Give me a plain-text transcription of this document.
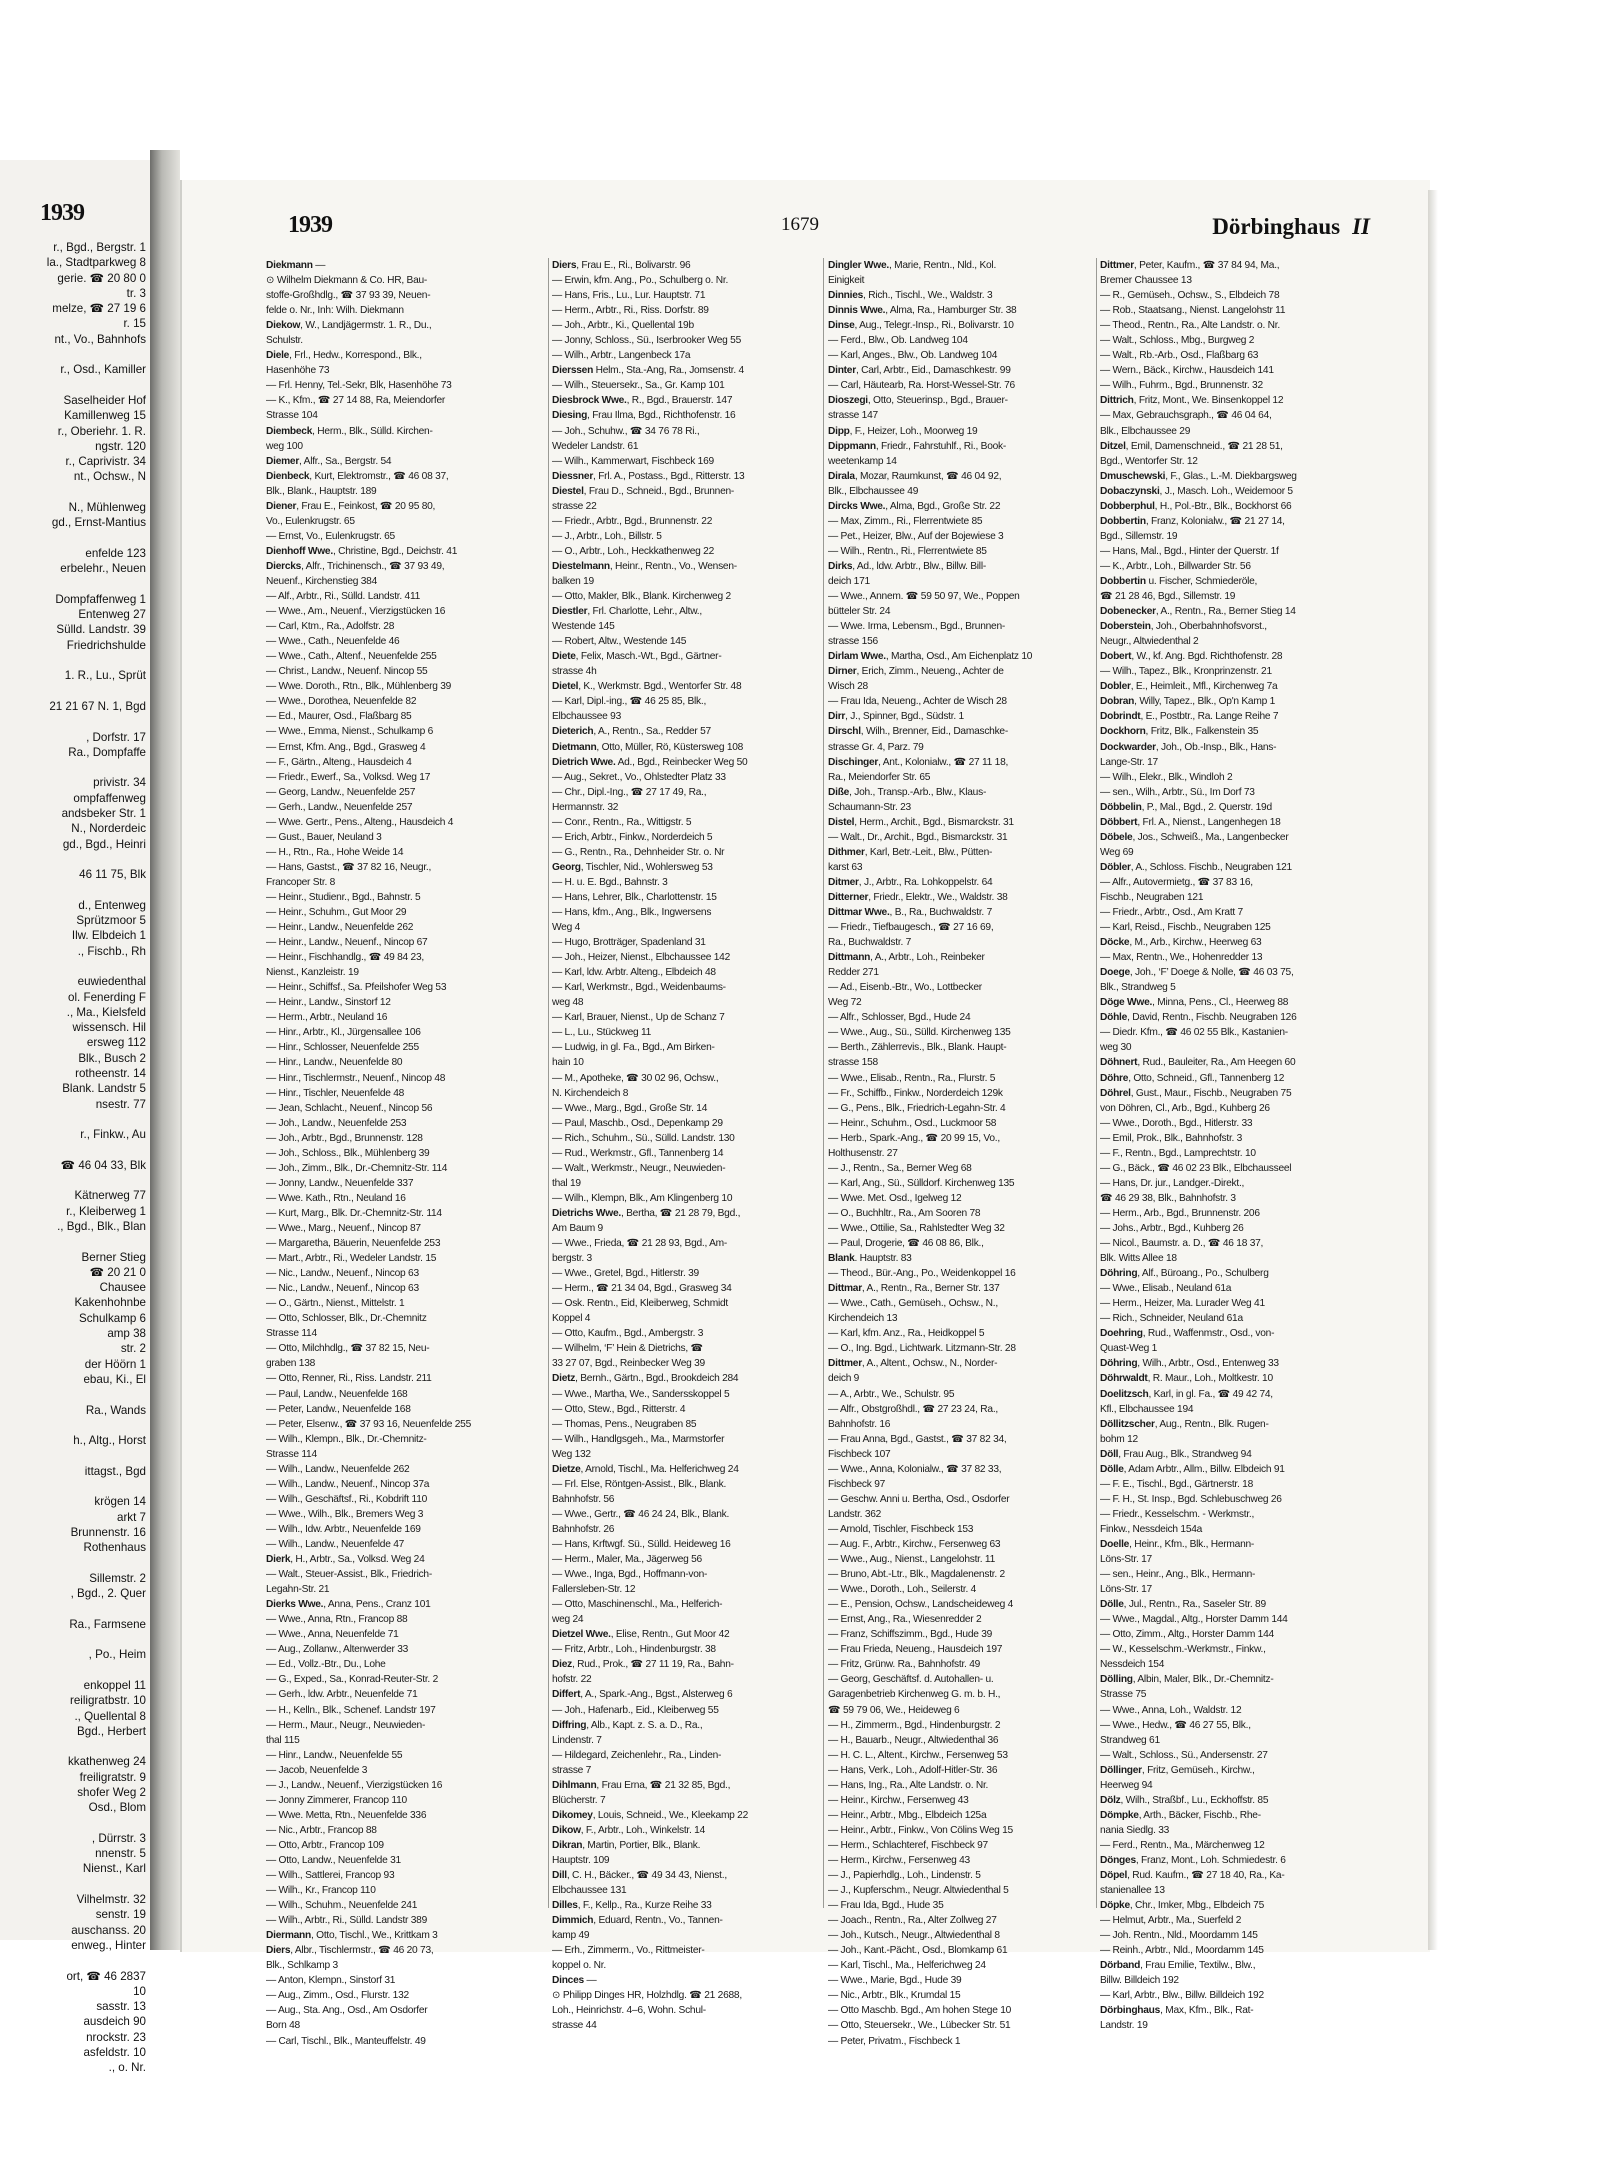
1939
r., Bgd., Bergstr. 1
la., Stadtparkweg 8
gerie. ☎ 20 80 0
tr. 3
melze, ☎ 27 19 6
r. 15
nt., Vo., Bahnhofs
r., Osd., Kamiller
Saselheider Hof
Kamillenweg 15
r., Oberiehr. 1. R.
ngstr. 120
r., Caprivistr. 34
nt., Ochsw., N
N., Mühlenweg
gd., Ernst-Mantius
enfelde 123
erbelehr., Neuen
Dompfaffenweg 1
Entenweg 27
Sülld. Landstr. 39
Friedrichshulde
1. R., Lu., Sprüt
21 21 67 N. 1, Bgd
, Dorfstr. 17
Ra., Dompfaffe
privistr. 34
ompfaffenweg
andsbeker Str. 1
N., Norderdeic
gd., Bgd., Heinri
46 11 75, Blk
d., Entenweg
Sprützmoor 5
Ilw. Elbdeich 1
., Fischb., Rh
euwiedenthal
ol. Fenerding F
., Ma., Kielsfeld
wissensch. Hil
ersweg 112
Blk., Busch 2
rotheenstr. 14
Blank. Landstr 5
nsestr. 77
r., Finkw., Au
☎ 46 04 33, Blk
Kätnerweg 77
r., Kleiberweg 1
., Bgd., Blk., Blan
Berner Stieg
☎ 20 21 0
Chausee
Kakenhohnbe
Schulkamp 6
amp 38
str. 2
der Höörn 1
ebau, Ki., El
Ra., Wands
h., Altg., Horst
ittagst., Bgd
krögen 14
arkt 7
Brunnenstr. 16
Rothenhaus
Sillemstr. 2
, Bgd., 2. Quer
Ra., Farmsene
, Po., Heim
enkoppel 11
reiligratbstr. 10
., Quellental 8
Bgd., Herbert
kkathenweg 24
freiligratstr. 9
shofer Weg 2
Osd., Blom
, Dürrstr. 3
nnenstr. 5
Nienst., Karl
Vilhelmstr. 32
senstr. 19
auschanss. 20
enweg., Hinter
ort, ☎ 46 2837
10
sasstr. 13
ausdeich 90
nrockstr. 23
asfeldstr. 10
., o. Nr.
1939	1679	Dörbinghaus II
Diekmann —
⊙ Wilhelm Diekmann & Co. HR, Bau-
stoffe-Großhdlg., ☎ 37 93 39, Neuen-
felde o. Nr., Inh: Wilh. Diekmann
Diekow, W., Landjägermstr. 1. R., Du.,
Schulstr.
Diele, Frl., Hedw., Korrespond., Blk.,
Hasenhöhe 73
— Frl. Henny, Tel.-Sekr, Blk, Hasenhöhe 73
— K., Kfm., ☎ 27 14 88, Ra, Meiendorfer
Strasse 104
Diembeck, Herm., Blk., Sülld. Kirchen-
weg 100
Diemer, Alfr., Sa., Bergstr. 54
Dienbeck, Kurt, Elektromstr., ☎ 46 08 37,
Blk., Blank., Hauptstr. 189
Diener, Frau E., Feinkost, ☎ 20 95 80,
Vo., Eulenkrugstr. 65
— Ernst, Vo., Eulenkrugstr. 65
Dienhoff Wwe., Christine, Bgd., Deichstr. 41
Diercks, Alfr., Trichinensch., ☎ 37 93 49,
Neuenf., Kirchenstieg 384
— Alf., Arbtr., Ri., Sülld. Landstr. 411
— Wwe., Am., Neuenf., Vierzigstücken 16
— Carl, Ktm., Ra., Adolfstr. 28
— Wwe., Cath., Neuenfelde 46
— Wwe., Cath., Altenf., Neuenfelde 255
— Christ., Landw., Neuenf. Nincop 55
— Wwe. Doroth., Rtn., Blk., Mühlenberg 39
— Wwe., Dorothea, Neuenfelde 82
— Ed., Maurer, Osd., Flaßbarg 85
— Wwe., Emma, Nienst., Schulkamp 6
— Ernst, Kfm. Ang., Bgd., Grasweg 4
— F., Gärtn., Alteng., Hausdeich 4
— Friedr., Ewerf., Sa., Volksd. Weg 17
— Georg, Landw., Neuenfelde 257
— Gerh., Landw., Neuenfelde 257
— Wwe. Gertr., Pens., Alteng., Hausdeich 4
— Gust., Bauer, Neuland 3
— H., Rtn., Ra., Hohe Weide 14
— Hans, Gastst., ☎ 37 82 16, Neugr.,
Francoper Str. 8
— Heinr., Studienr., Bgd., Bahnstr. 5
— Heinr., Schuhm., Gut Moor 29
— Heinr., Landw., Neuenfelde 262
— Heinr., Landw., Neuenf., Nincop 67
— Heinr., Fischhandlg., ☎ 49 84 23,
Nienst., Kanzleistr. 19
— Heinr., Schiffsf., Sa. Pfeilshofer Weg 53
— Heinr., Landw., Sinstorf 12
— Herm., Arbtr., Neuland 16
— Hinr., Arbtr., Kl., Jürgensallee 106
— Hinr., Schlosser, Neuenfelde 255
— Hinr., Landw., Neuenfelde 80
— Hinr., Tischlermstr., Neuenf., Nincop 48
— Hinr., Tischler, Neuenfelde 48
— Jean, Schlacht., Neuenf., Nincop 56
— Joh., Landw., Neuenfelde 253
— Joh., Arbtr., Bgd., Brunnenstr. 128
— Joh., Schloss., Blk., Mühlenberg 39
— Joh., Zimm., Blk., Dr.-Chemnitz-Str. 114
— Jonny, Landw., Neuenfelde 337
— Wwe. Kath., Rtn., Neuland 16
— Kurt, Marg., Blk. Dr.-Chemnitz-Str. 114
— Wwe., Marg., Neuenf., Nincop 87
— Margaretha, Bäuerin, Neuenfelde 253
— Mart., Arbtr., Ri., Wedeler Landstr. 15
— Nic., Landw., Neuenf., Nincop 63
— Nic., Landw., Neuenf., Nincop 63
— O., Gärtn., Nienst., Mittelstr. 1
— Otto, Schlosser, Blk., Dr.-Chemnitz
Strasse 114
— Otto, Milchhdlg., ☎ 37 82 15, Neu-
graben 138
— Otto, Renner, Ri., Riss. Landstr. 211
— Paul, Landw., Neuenfelde 168
— Peter, Landw., Neuenfelde 168
— Peter, Elsenw., ☎ 37 93 16, Neuenfelde 255
— Wilh., Klempn., Blk., Dr.-Chemnitz-
Strasse 114
— Wilh., Landw., Neuenfelde 262
— Wilh., Landw., Neuenf., Nincop 37a
— Wilh., Geschäftsf., Ri., Kobdrift 110
— Wwe., Wilh., Blk., Bremers Weg 3
— Wilh., Idw. Arbtr., Neuenfelde 169
— Wilh., Landw., Neuenfelde 47
Dierk, H., Arbtr., Sa., Volksd. Weg 24
— Walt., Steuer-Assist., Blk., Friedrich-
Legahn-Str. 21
Dierks Wwe., Anna, Pens., Cranz 101
— Wwe., Anna, Rtn., Francop 88
— Wwe., Anna, Neuenfelde 71
— Aug., Zollanw., Altenwerder 33
— Ed., Vollz.-Btr., Du., Lohe
— G., Exped., Sa., Konrad-Reuter-Str. 2
— Gerh., ldw. Arbtr., Neuenfelde 71
— H., Kelln., Blk., Schenef. Landstr 197
— Herm., Maur., Neugr., Neuwieden-
thal 115
— Hinr., Landw., Neuenfelde 55
— Jacob, Neuenfelde 3
— J., Landw., Neuenf., Vierzigstücken 16
— Jonny Zimmerer, Francop 110
— Wwe. Metta, Rtn., Neuenfelde 336
— Nic., Arbtr., Francop 88
— Otto, Arbtr., Francop 109
— Otto, Landw., Neuenfelde 31
— Wilh., Sattlerei, Francop 93
— Wilh., Kr., Francop 110
— Wilh., Schuhm., Neuenfelde 241
— Wilh., Arbtr., Ri., Sülld. Landstr 389
Diermann, Otto, Tischl., We., Krittkam 3
Diers, Albr., Tischlermstr., ☎ 46 20 73,
Blk., Schlkamp 3
— Anton, Klempn., Sinstorf 31
— Aug., Zimm., Osd., Flurstr. 132
— Aug., Sta. Ang., Osd., Am Osdorfer
Born 48
— Carl, Tischl., Blk., Manteuffelstr. 49
Diers, Frau E., Ri., Bolivarstr. 96
— Erwin, kfm. Ang., Po., Schulberg o. Nr.
— Hans, Fris., Lu., Lur. Hauptstr. 71
— Herm., Arbtr., Ri., Riss. Dorfstr. 89
— Joh., Arbtr., Ki., Quellental 19b
— Jonny, Schloss., Sü., Iserbrooker Weg 55
— Wilh., Arbtr., Langenbeck 17a
Dierssen Helm., Sta.-Ang, Ra., Jomsenstr. 4
— Wilh., Steuersekr., Sa., Gr. Kamp 101
Diesbrock Wwe., R., Bgd., Brauerstr. 147
Diesing, Frau Ilma, Bgd., Richthofenstr. 16
— Joh., Schuhw., ☎ 34 76 78 Ri.,
Wedeler Landstr. 61
— Wilh., Kammerwart, Fischbeck 169
Diessner, Frl. A., Postass., Bgd., Ritterstr. 13
Diestel, Frau D., Schneid., Bgd., Brunnen-
strasse 22
— Friedr., Arbtr., Bgd., Brunnenstr. 22
— J., Arbtr., Loh., Billstr. 5
— O., Arbtr., Loh., Heckkathenweg 22
Diestelmann, Heinr., Rentn., Vo., Wensen-
balken 19
— Otto, Makler, Blk., Blank. Kirchenweg 2
Diestler, Frl. Charlotte, Lehr., Altw.,
Westende 145
— Robert, Altw., Westende 145
Diete, Felix, Masch.-Wt., Bgd., Gärtner-
strasse 4h
Dietel, K., Werkmstr. Bgd., Wentorfer Str. 48
— Karl, Dipl.-ing., ☎ 46 25 85, Blk.,
Elbchaussee 93
Dieterich, A., Rentn., Sa., Redder 57
Dietmann, Otto, Müller, Rö, Küstersweg 108
Dietrich Wwe. Ad., Bgd., Reinbecker Weg 50
— Aug., Sekret., Vo., Ohlstedter Platz 33
— Chr., Dipl.-Ing., ☎ 27 17 49, Ra.,
Hermannstr. 32
— Conr., Rentn., Ra., Wittigstr. 5
— Erich, Arbtr., Finkw., Norderdeich 5
— G., Rentn., Ra., Dehnheider Str. o. Nr
Georg, Tischler, Nid., Wohlersweg 53
— H. u. E. Bgd., Bahnstr. 3
— Hans, Lehrer, Blk., Charlottenstr. 15
— Hans, kfm., Ang., Blk., Ingwersens
Weg 4
— Hugo, Brotträger, Spadenland 31
— Joh., Heizer, Nienst., Elbchaussee 142
— Karl, ldw. Arbtr. Alteng., Elbdeich 48
— Karl, Werkmstr., Bgd., Weidenbaums-
weg 48
— Karl, Brauer, Nienst., Up de Schanz 7
— L., Lu., Stückweg 11
— Ludwig, in gl. Fa., Bgd., Am Birken-
hain 10
— M., Apotheke, ☎ 30 02 96, Ochsw.,
N. Kirchendeich 8
— Wwe., Marg., Bgd., Große Str. 14
— Paul, Maschb., Osd., Depenkamp 29
— Rich., Schuhm., Sü., Sülld. Landstr. 130
— Rud., Werkmstr., Gfl., Tannenberg 14
— Walt., Werkmstr., Neugr., Neuwieden-
thal 19
— Wilh., Klempn, Blk., Am Klingenberg 10
Dietrichs Wwe., Bertha, ☎ 21 28 79, Bgd.,
Am Baum 9
— Wwe., Frieda, ☎ 21 28 93, Bgd., Am-
bergstr. 3
— Wwe., Gretel, Bgd., Hitlerstr. 39
— Herm., ☎ 21 34 04, Bgd., Grasweg 34
— Osk. Rentn., Eid, Kleiberweg, Schmidt
Koppel 4
— Otto, Kaufm., Bgd., Ambergstr. 3
— Wilhelm, ‘F’ Hein & Dietrichs, ☎
33 27 07, Bgd., Reinbecker Weg 39
Dietz, Bernh., Gärtn., Bgd., Brookdeich 284
— Wwe., Martha, We., Sandersskoppel 5
— Otto, Stew., Bgd., Ritterstr. 4
— Thomas, Pens., Neugraben 85
— Wilh., Handlgsgeh., Ma., Marmstorfer
Weg 132
Dietze, Arnold, Tischl., Ma. Helferichweg 24
— Frl. Else, Röntgen-Assist., Blk., Blank.
Bahnhofstr. 56
— Wwe., Gertr., ☎ 46 24 24, Blk., Blank.
Bahnhofstr. 26
— Hans, Krftwgf. Sü., Sülld. Heideweg 16
— Herm., Maler, Ma., Jägerweg 56
— Wwe., Inga, Bgd., Hoffmann-von-
Fallersleben-Str. 12
— Otto, Maschinenschl., Ma., Helferich-
weg 24
Dietzel Wwe., Elise, Rentn., Gut Moor 42
— Fritz, Arbtr., Loh., Hindenburgstr. 38
Diez, Rud., Prok., ☎ 27 11 19, Ra., Bahn-
hofstr. 22
Differt, A., Spark.-Ang., Bgst., Alsterweg 6
— Joh., Hafenarb., Eid., Kleiberweg 55
Diffring, Alb., Kapt. z. S. a. D., Ra.,
Lindenstr. 7
— Hildegard, Zeichenlehr., Ra., Linden-
strasse 7
Dihlmann, Frau Erna, ☎ 21 32 85, Bgd.,
Blücherstr. 7
Dikomey, Louis, Schneid., We., Kleekamp 22
Dikow, F., Arbtr., Loh., Winkelstr. 14
Dikran, Martin, Portier, Blk., Blank.
Hauptstr. 109
Dill, C. H., Bäcker., ☎ 49 34 43, Nienst.,
Elbchaussee 131
Dilles, F., Kellp., Ra., Kurze Reihe 33
Dimmich, Eduard, Rentn., Vo., Tannen-
kamp 49
— Erh., Zimmerm., Vo., Rittmeister-
koppel o. Nr.
Dinces —
⊙ Philipp Dinges HR, Holzhdlg. ☎ 21 2688,
Loh., Heinrichstr. 4–6, Wohn. Schul-
strasse 44
Dingler Wwe., Marie, Rentn., Nld., Kol.
Einigkeit
Dinnies, Rich., Tischl., We., Waldstr. 3
Dinnis Wwe., Alma, Ra., Hamburger Str. 38
Dinse, Aug., Telegr.-Insp., Ri., Bolivarstr. 10
— Ferd., Blw., Ob. Landweg 104
— Karl, Anges., Blw., Ob. Landweg 104
Dinter, Carl, Arbtr., Eid., Damaschkestr. 99
— Carl, Häutearb, Ra. Horst-Wessel-Str. 76
Dioszegi, Otto, Steuerinsp., Bgd., Brauer-
strasse 147
Dipp, F., Heizer, Loh., Moorweg 19
Dippmann, Friedr., Fahrstuhlf., Ri., Book-
weetenkamp 14
Dirala, Mozar, Raumkunst, ☎ 46 04 92,
Blk., Elbchaussee 49
Dircks Wwe., Alma, Bgd., Große Str. 22
— Max, Zimm., Ri., Flerrentwiete 85
— Pet., Heizer, Blw., Auf der Bojewiese 3
— Wilh., Rentn., Ri., Flerrentwiete 85
Dirks, Ad., ldw. Arbtr., Blw., Billw. Bill-
deich 171
— Wwe., Annem. ☎ 59 50 97, We., Poppen
bütteler Str. 24
— Wwe. Irma, Lebensm., Bgd., Brunnen-
strasse 156
Dirlam Wwe., Martha, Osd., Am Eichenplatz 10
Dirner, Erich, Zimm., Neueng., Achter de
Wisch 28
— Frau Ida, Neueng., Achter de Wisch 28
Dirr, J., Spinner, Bgd., Südstr. 1
Dirschl, Wilh., Brenner, Eid., Damaschke-
strasse Gr. 4, Parz. 79
Dischinger, Ant., Kolonialw., ☎ 27 11 18,
Ra., Meiendorfer Str. 65
Diße, Joh., Transp.-Arb., Blw., Klaus-
Schaumann-Str. 23
Distel, Herm., Archit., Bgd., Bismarckstr. 31
— Walt., Dr., Archit., Bgd., Bismarckstr. 31
Dithmer, Karl, Betr.-Leit., Blw., Pütten-
karst 63
Ditmer, J., Arbtr., Ra. Lohkoppelstr. 64
Ditterner, Friedr., Elektr., We., Waldstr. 38
Dittmar Wwe., B., Ra., Buchwaldstr. 7
— Friedr., Tiefbaugesch., ☎ 27 16 69,
Ra., Buchwaldstr. 7
Dittmann, A., Arbtr., Loh., Reinbeker
Redder 271
— Ad., Eisenb.-Btr., Wo., Lottbecker
Weg 72
— Alfr., Schlosser, Bgd., Hude 24
— Wwe., Aug., Sü., Sülld. Kirchenweg 135
— Berth., Zählerrevis., Blk., Blank. Haupt-
strasse 158
— Wwe., Elisab., Rentn., Ra., Flurstr. 5
— Fr., Schiffb., Finkw., Norderdeich 129k
— G., Pens., Blk., Friedrich-Legahn-Str. 4
— Heinr., Schuhm., Osd., Luckmoor 58
— Herb., Spark.-Ang., ☎ 20 99 15, Vo.,
Holthusenstr. 27
— J., Rentn., Sa., Berner Weg 68
— Karl, Ang., Sü., Sülldorf. Kirchenweg 135
— Wwe. Met. Osd., Igelweg 12
— O., Buchhltr., Ra., Am Sooren 78
— Wwe., Ottilie, Sa., Rahlstedter Weg 32
— Paul, Drogerie, ☎ 46 08 86, Blk.,
Blank. Hauptstr. 83
— Theod., Bür.-Ang., Po., Weidenkoppel 16
Dittmar, A., Rentn., Ra., Berner Str. 137
— Wwe., Cath., Gemüseh., Ochsw., N.,
Kirchendeich 13
— Karl, kfm. Anz., Ra., Heidkoppel 5
— O., Ing. Bgd., Lichtwark. Litzmann-Str. 28
Dittmer, A., Altent., Ochsw., N., Norder-
deich 9
— A., Arbtr., We., Schulstr. 95
— Alfr., Obstgroßhdl., ☎ 27 23 24, Ra.,
Bahnhofstr. 16
— Frau Anna, Bgd., Gastst., ☎ 37 82 34,
Fischbeck 107
— Wwe., Anna, Kolonialw., ☎ 37 82 33,
Fischbeck 97
— Geschw. Anni u. Bertha, Osd., Osdorfer
Landstr. 362
— Arnold, Tischler, Fischbeck 153
— Aug. F., Arbtr., Kirchw., Fersenweg 63
— Wwe., Aug., Nienst., Langelohstr. 11
— Bruno, Abt.-Ltr., Blk., Magdalenenstr. 2
— Wwe., Doroth., Loh., Seilerstr. 4
— E., Pension, Ochsw., Landscheideweg 4
— Ernst, Ang., Ra., Wiesenredder 2
— Franz, Schiffszimm., Bgd., Hude 39
— Frau Frieda, Neueng., Hausdeich 197
— Fritz, Grünw. Ra., Bahnhofstr. 49
— Georg, Geschäftsf. d. Autohallen- u.
Garagenbetrieb Kirchenweg G. m. b. H.,
☎ 59 79 06, We., Heideweg 6
— H., Zimmerm., Bgd., Hindenburgstr. 2
— H., Bauarb., Neugr., Altwiedenthal 36
— H. C. L., Altent., Kirchw., Fersenweg 53
— Hans, Verk., Loh., Adolf-Hitler-Str. 36
— Hans, Ing., Ra., Alte Landstr. o. Nr.
— Heinr., Kirchw., Fersenweg 43
— Heinr., Arbtr., Mbg., Elbdeich 125a
— Heinr., Arbtr., Finkw., Von Cölins Weg 15
— Herm., Schlachteref, Fischbeck 97
— Herm., Kirchw., Fersenweg 43
— J., Papierhdlg., Loh., Lindenstr. 5
— J., Kupferschm., Neugr. Altwiedenthal 5
— Frau Ida, Bgd., Hude 35
— Joach., Rentn., Ra., Alter Zollweg 27
— Joh., Kutsch., Neugr., Altwiedenthal 8
— Joh., Kant.-Pächt., Osd., Blomkamp 61
— Karl, Tischl., Ma., Helferichweg 24
— Wwe., Marie, Bgd., Hude 39
— Nic., Arbtr., Blk., Krumdal 15
— Otto Maschb. Bgd., Am hohen Stege 10
— Otto, Steuersekr., We., Lübecker Str. 51
— Peter, Privatm., Fischbeck 1
Dittmer, Peter, Kaufm., ☎ 37 84 94, Ma.,
Bremer Chaussee 13
— R., Gemüseh., Ochsw., S., Elbdeich 78
— Rob., Staatsang., Nienst. Langelohstr 11
— Theod., Rentn., Ra., Alte Landstr. o. Nr.
— Walt., Schloss., Mbg., Burgweg 2
— Walt., Rb.-Arb., Osd., Flaßbarg 63
— Wern., Bäck., Kirchw., Hausdeich 141
— Wilh., Fuhrm., Bgd., Brunnenstr. 32
Dittrich, Fritz, Mont., We. Binsenkoppel 12
— Max, Gebrauchsgraph., ☎ 46 04 64,
Blk., Elbchaussee 29
Ditzel, Emil, Damenschneid., ☎ 21 28 51,
Bgd., Wentorfer Str. 12
Dmuschewski, F., Glas., L.-M. Diekbargsweg
Dobaczynski, J., Masch. Loh., Weidemoor 5
Dobberphul, H., Pol.-Btr., Blk., Bockhorst 66
Dobbertin, Franz, Kolonialw., ☎ 21 27 14,
Bgd., Sillemstr. 19
— Hans, Mal., Bgd., Hinter der Querstr. 1f
— K., Arbtr., Loh., Billwarder Str. 56
Dobbertin u. Fischer, Schmiederöle,
☎ 21 28 46, Bgd., Sillemstr. 19
Dobenecker, A., Rentn., Ra., Berner Stieg 14
Doberstein, Joh., Oberbahnhofsvorst.,
Neugr., Altwiedenthal 2
Dobert, W., kf. Ang. Bgd. Richthofenstr. 28
— Wilh., Tapez., Blk., Kronprinzenstr. 21
Dobler, E., Heimleit., Mfl., Kirchenweg 7a
Dobran, Willy, Tapez., Blk., Op'n Kamp 1
Dobrindt, E., Postbtr., Ra. Lange Reihe 7
Dockhorn, Fritz, Blk., Falkenstein 35
Dockwarder, Joh., Ob.-Insp., Blk., Hans-
Lange-Str. 17
— Wilh., Elekr., Blk., Windloh 2
— sen., Wilh., Arbtr., Sü., Im Dorf 73
Döbbelin, P., Mal., Bgd., 2. Querstr. 19d
Döbbert, Frl. A., Nienst., Langenhegen 18
Döbele, Jos., Schweiß., Ma., Langenbecker
Weg 69
Döbler, A., Schloss. Fischb., Neugraben 121
— Alfr., Autovermietg., ☎ 37 83 16,
Fischb., Neugraben 121
— Friedr., Arbtr., Osd., Am Kratt 7
— Karl, Reisd., Fischb., Neugraben 125
Döcke, M., Arb., Kirchw., Heerweg 63
— Max, Rentn., We., Hohenredder 13
Doege, Joh., ‘F’ Doege & Nolle, ☎ 46 03 75,
Blk., Strandweg 5
Döge Wwe., Minna, Pens., Cl., Heerweg 88
Döhle, David, Rentn., Fischb. Neugraben 126
— Diedr. Kfm., ☎ 46 02 55 Blk., Kastanien-
weg 30
Döhnert, Rud., Bauleiter, Ra., Am Heegen 60
Döhre, Otto, Schneid., Gfl., Tannenberg 12
Döhrel, Gust., Maur., Fischb., Neugraben 75
von Döhren, Cl., Arb., Bgd., Kuhberg 26
— Wwe., Doroth., Bgd., Hitlerstr. 33
— Emil, Prok., Blk., Bahnhofstr. 3
— F., Rentn., Bgd., Lamprechtstr. 10
— G., Bäck., ☎ 46 02 23 Blk., Elbchausseel
— Hans, Dr. jur., Landger.-Direkt.,
☎ 46 29 38, Blk., Bahnhofstr. 3
— Herm., Arb., Bgd., Brunnenstr. 206
— Johs., Arbtr., Bgd., Kuhberg 26
— Nicol., Baumstr. a. D., ☎ 46 18 37,
Blk. Witts Allee 18
Döhring, Alf., Büroang., Po., Schulberg
— Wwe., Elisab., Neuland 61a
— Herm., Heizer, Ma. Lurader Weg 41
— Rich., Schneider, Neuland 61a
Doehring, Rud., Waffenmstr., Osd., von-
Quast-Weg 1
Döhring, Wilh., Arbtr., Osd., Entenweg 33
Döhrwaldt, R. Maur., Loh., Moltkestr. 10
Doelitzsch, Karl, in gl. Fa., ☎ 49 42 74,
Kfl., Elbchaussee 194
Döllitzscher, Aug., Rentn., Blk. Rugen-
bohm 12
Döll, Frau Aug., Blk., Strandweg 94
Dölle, Adam Arbtr., Allm., Billw. Elbdeich 91
— F. E., Tischl., Bgd., Gärtnerstr. 18
— F. H., St. Insp., Bgd. Schlebuschweg 26
— Friedr., Kesselschm. - Werkmstr.,
Finkw., Nessdeich 154a
Doelle, Heinr., Kfm., Blk., Hermann-
Löns-Str. 17
— sen., Heinr., Ang., Blk., Hermann-
Löns-Str. 17
Dölle, Jul., Rentn., Ra., Saseler Str. 89
— Wwe., Magdal., Altg., Horster Damm 144
— Otto, Zimm., Altg., Horster Damm 144
— W., Kesselschm.-Werkmstr., Finkw.,
Nessdeich 154
Dölling, Albin, Maler, Blk., Dr.-Chemnitz-
Strasse 75
— Wwe., Anna, Loh., Waldstr. 12
— Wwe., Hedw., ☎ 46 27 55, Blk.,
Strandweg 61
— Walt., Schloss., Sü., Andersenstr. 27
Döllinger, Fritz, Gemüseh., Kirchw.,
Heerweg 94
Dölz, Wilh., Straßbf., Lu., Eckhoffstr. 85
Dömpke, Arth., Bäcker, Fischb., Rhe-
nania Siedlg. 33
— Ferd., Rentn., Ma., Märchenweg 12
Dönges, Franz, Mont., Loh. Schmiedestr. 6
Döpel, Rud. Kaufm., ☎ 27 18 40, Ra., Ka-
stanienallee 13
Döpke, Chr., Imker, Mbg., Elbdeich 75
— Helmut, Arbtr., Ma., Suerfeld 2
— Joh. Rentn., Nld., Moordamm 145
— Reinh., Arbtr., Nld., Moordamm 145
Dörband, Frau Emilie, Textilw., Blw.,
Billw. Billdeich 192
— Karl, Arbtr., Blw., Billw. Billdeich 192
Dörbinghaus, Max, Kfm., Blk., Rat-
Landstr. 19
